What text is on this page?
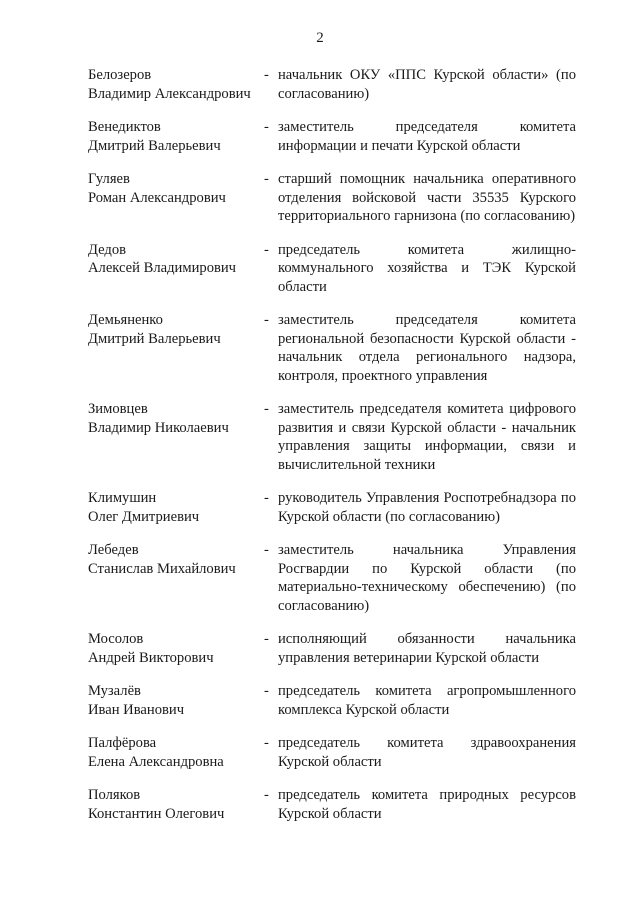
2
Белозеров
Владимир Александрович
- начальник ОКУ «ППС Курской области» (по согласованию)
Венедиктов
Дмитрий Валерьевич
- заместитель председателя комитета информации и печати Курской области
Гуляев
Роман Александрович
- старший помощник начальника оперативного отделения войсковой части 35535 Курского территориального гарнизона (по согласованию)
Дедов
Алексей Владимирович
- председатель комитета жилищно-коммунального хозяйства и ТЭК Курской области
Демьяненко
Дмитрий Валерьевич
- заместитель председателя комитета региональной безопасности Курской области - начальник отдела регионального надзора, контроля, проектного управления
Зимовцев
Владимир Николаевич
- заместитель председателя комитета цифрового развития и связи Курской области - начальник управления защиты информации, связи и вычислительной техники
Климушин
Олег Дмитриевич
- руководитель Управления Роспотребнадзора по Курской области (по согласованию)
Лебедев
Станислав Михайлович
- заместитель начальника Управления Росгвардии по Курской области (по материально-техническому обеспечению) (по согласованию)
Мосолов
Андрей Викторович
- исполняющий обязанности начальника управления ветеринарии Курской области
Музалёв
Иван Иванович
- председатель комитета агропромышленного комплекса Курской области
Палфёрова
Елена Александровна
- председатель комитета здравоохранения Курской области
Поляков
Константин Олегович
- председатель комитета природных ресурсов Курской области
